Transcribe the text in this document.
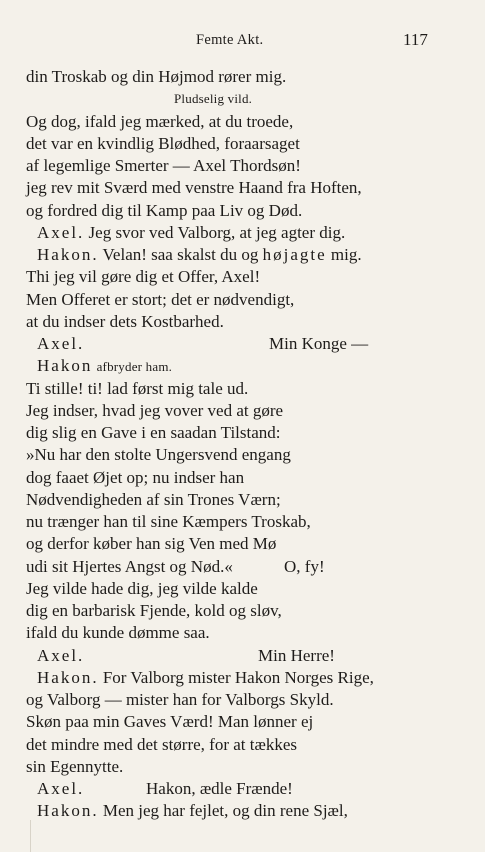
Femte Akt.	117
din Troskab og din Højmod rører mig.
Pludselig vild.
Og dog, ifald jeg mærked, at du troede,
det var en kvindlig Blødhed, foraarsaget
af legemlige Smerter — Axel Thordsøn!
jeg rev mit Sværd med venstre Haand fra Hoften,
og fordred dig til Kamp paa Liv og Død.
Axel. Jeg svor ved Valborg, at jeg agter dig.
Hakon. Velan! saa skalst du og højagte mig.
Thi jeg vil gøre dig et Offer, Axel!
Men Offeret er stort; det er nødvendigt,
at du indser dets Kostbarhed.
Axel.	Min Konge —
Hakon afbryder ham.
Ti stille! ti! lad først mig tale ud.
Jeg indser, hvad jeg vover ved at gøre
dig slig en Gave i en saadan Tilstand:
»Nu har den stolte Ungersvend engang
dog faaet Øjet op; nu indser han
Nødvendigheden af sin Trones Værn;
nu trænger han til sine Kæmpers Troskab,
og derfor køber han sig Ven med Mø
udi sit Hjertes Angst og Nød.«	O, fy!
Jeg vilde hade dig, jeg vilde kalde
dig en barbarisk Fjende, kold og sløv,
ifald du kunde dømme saa.
Axel.	Min Herre!
Hakon. For Valborg mister Hakon Norges Rige,
og Valborg — mister han for Valborgs Skyld.
Skøn paa min Gaves Værd! Man lønner ej
det mindre med det større, for at tækkes
sin Egennytte.
Axel.	Hakon, ædle Frænde!
Hakon. Men jeg har fejlet, og din rene Sjæl,
